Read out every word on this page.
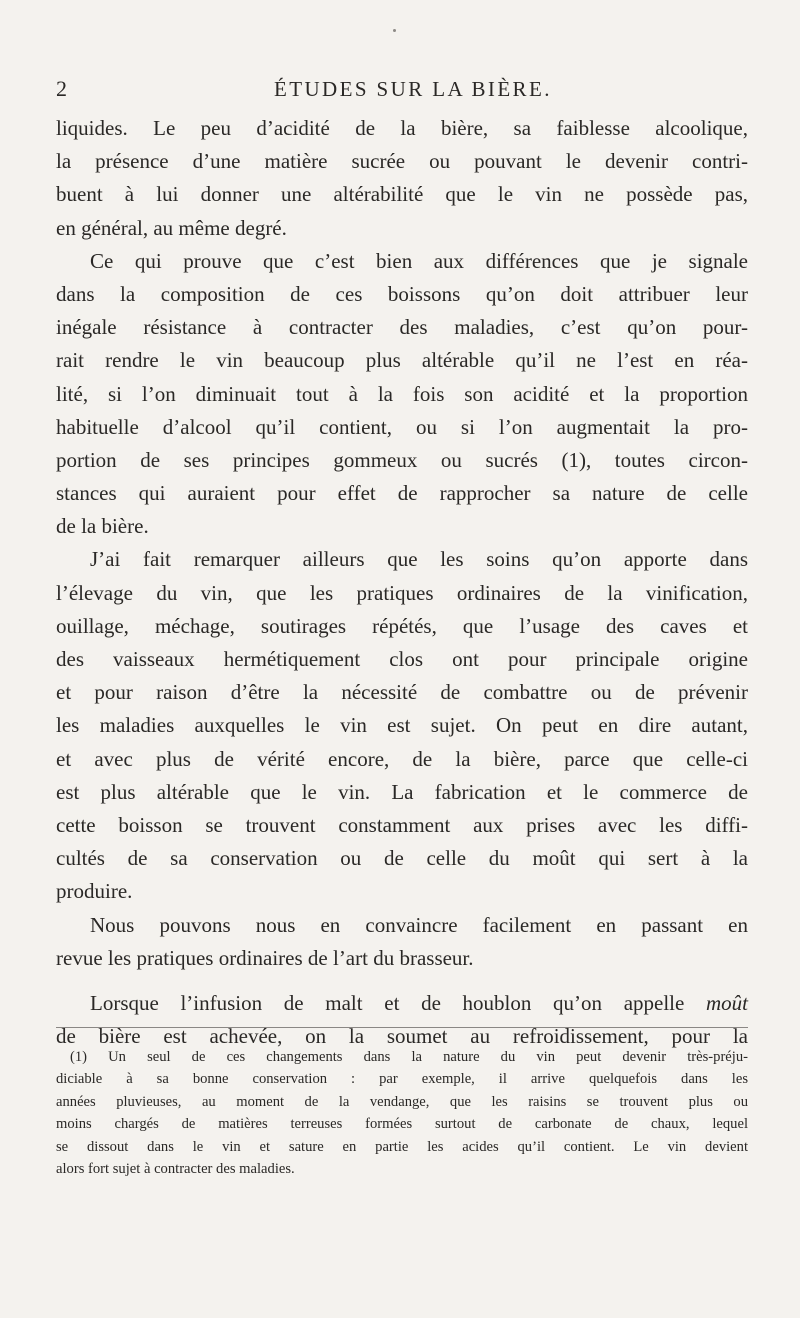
2	ÉTUDES SUR LA BIÈRE.
liquides. Le peu d’acidité de la bière, sa faiblesse alcoolique,
la présence d’une matière sucrée ou pouvant le devenir contri-
buent à lui donner une altérabilité que le vin ne possède pas,
en général, au même degré.
Ce qui prouve que c’est bien aux différences que je signale
dans la composition de ces boissons qu’on doit attribuer leur
inégale résistance à contracter des maladies, c’est qu’on pour-
rait rendre le vin beaucoup plus altérable qu’il ne l’est en réa-
lité, si l’on diminuait tout à la fois son acidité et la proportion
habituelle d’alcool qu’il contient, ou si l’on augmentait la pro-
portion de ses principes gommeux ou sucrés (1), toutes circon-
stances qui auraient pour effet de rapprocher sa nature de celle
de la bière.
J’ai fait remarquer ailleurs que les soins qu’on apporte dans
l’élevage du vin, que les pratiques ordinaires de la vinification,
ouillage, méchage, soutirages répétés, que l’usage des caves et
des vaisseaux hermétiquement clos ont pour principale origine
et pour raison d’être la nécessité de combattre ou de prévenir
les maladies auxquelles le vin est sujet. On peut en dire autant,
et avec plus de vérité encore, de la bière, parce que celle-ci
est plus altérable que le vin. La fabrication et le commerce de
cette boisson se trouvent constamment aux prises avec les diffi-
cultés de sa conservation ou de celle du moût qui sert à la
produire.
Nous pouvons nous en convaincre facilement en passant en
revue les pratiques ordinaires de l’art du brasseur.
Lorsque l’infusion de malt et de houblon qu’on appelle moût
de bière est achevée, on la soumet au refroidissement, pour la
(1) Un seul de ces changements dans la nature du vin peut devenir très-préju-
diciable à sa bonne conservation : par exemple, il arrive quelquefois dans les
années pluvieuses, au moment de la vendange, que les raisins se trouvent plus ou
moins chargés de matières terreuses formées surtout de carbonate de chaux, lequel
se dissout dans le vin et sature en partie les acides qu’il contient. Le vin devient
alors fort sujet à contracter des maladies.
